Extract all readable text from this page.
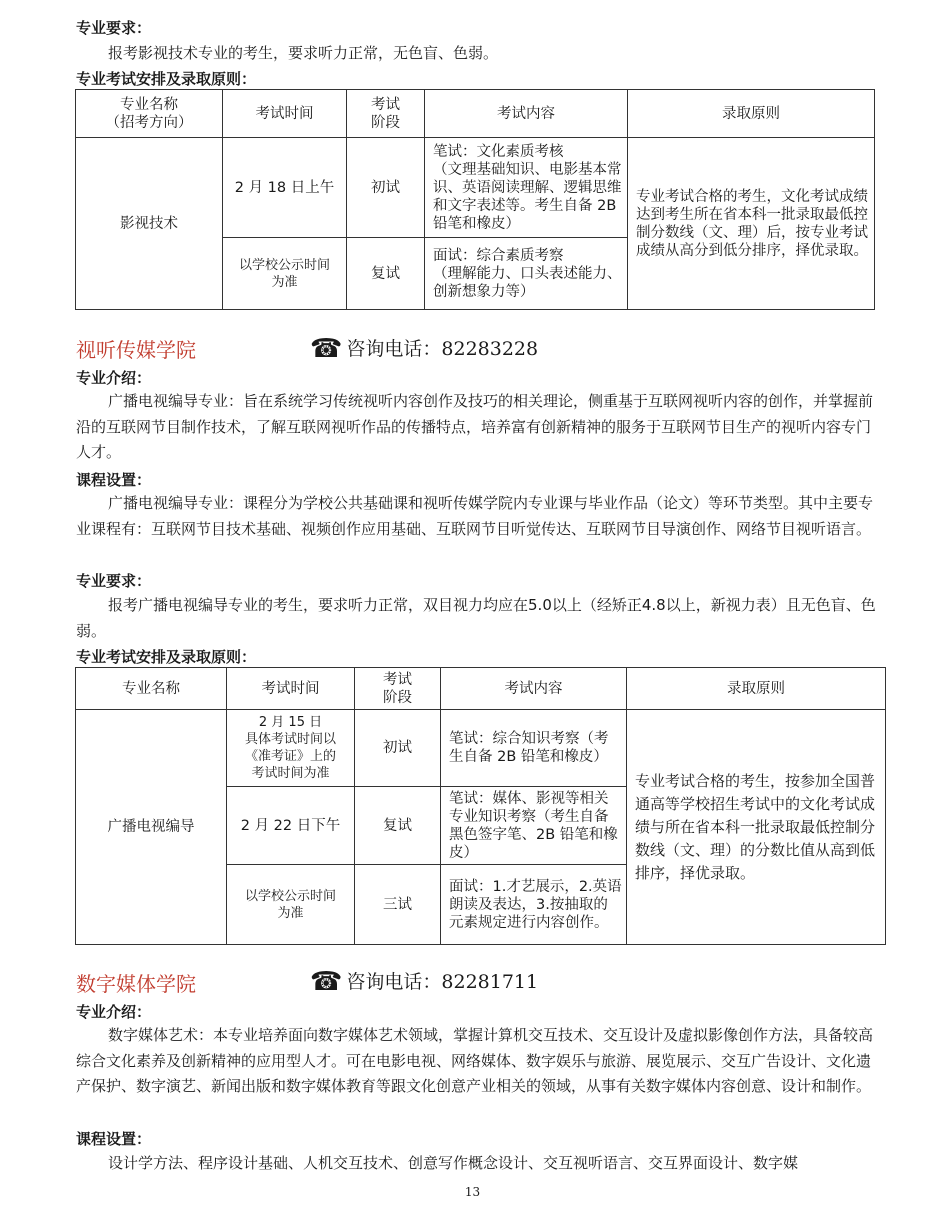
专业要求：
报考影视技术专业的考生，要求听力正常，无色盲、色弱。
专业考试安排及录取原则：
专业名称
（招考方向）	考试时间	考试
阶段	考试内容	录取原则
影视技术	2 月 18 日上午	初试	笔试：文化素质考核
（文理基础知识、电影基本常识、英语阅读理解、逻辑思维和文字表述等。考生自备 2B 铅笔和橡皮）	专业考试合格的考生，文化考试成绩达到考生所在省本科一批录取最低控制分数线（文、理）后，按专业考试成绩从高分到低分排序，择优录取。
	以学校公示时间
为准	复试	面试：综合素质考察
（理解能力、口头表述能力、创新想象力等）	
视听传媒学院	☎ 咨询电话：82283228
专业介绍：
广播电视编导专业：旨在系统学习传统视听内容创作及技巧的相关理论，侧重基于互联网视听内容的创作，并掌握前沿的互联网节目制作技术，了解互联网视听作品的传播特点，培养富有创新精神的服务于互联网节目生产的视听内容专门人才。
课程设置：
广播电视编导专业：课程分为学校公共基础课和视听传媒学院内专业课与毕业作品（论文）等环节类型。其中主要专业课程有：互联网节目技术基础、视频创作应用基础、互联网节目听觉传达、互联网节目导演创作、网络节目视听语言。
专业要求：
报考广播电视编导专业的考生，要求听力正常，双目视力均应在5.0以上（经矫正4.8以上，新视力表）且无色盲、色弱。
专业考试安排及录取原则：
专业名称	考试时间	考试
阶段	考试内容	录取原则
广播电视编导	2 月 15 日
具体考试时间以
《准考证》上的
考试时间为准	初试	笔试：综合知识考察（考生自备 2B 铅笔和橡皮）	专业考试合格的考生，按参加全国普通高等学校招生考试中的文化考试成绩与所在省本科一批录取最低控制分数线（文、理）的分数比值从高到低排序，择优录取。
	2 月 22 日下午	复试	笔试：媒体、影视等相关专业知识考察（考生自备黑色签字笔、2B 铅笔和橡皮）	
	以学校公示时间
为准	三试	面试：1.才艺展示，2.英语朗读及表达，3.按抽取的元素规定进行内容创作。	
数字媒体学院	☎ 咨询电话：82281711
专业介绍：
数字媒体艺术：本专业培养面向数字媒体艺术领域，掌握计算机交互技术、交互设计及虚拟影像创作方法，具备较高综合文化素养及创新精神的应用型人才。可在电影电视、网络媒体、数字娱乐与旅游、展览展示、交互广告设计、文化遗产保护、数字演艺、新闻出版和数字媒体教育等跟文化创意产业相关的领域，从事有关数字媒体内容创意、设计和制作。
课程设置：
设计学方法、程序设计基础、人机交互技术、创意写作概念设计、交互视听语言、交互界面设计、数字媒
13
